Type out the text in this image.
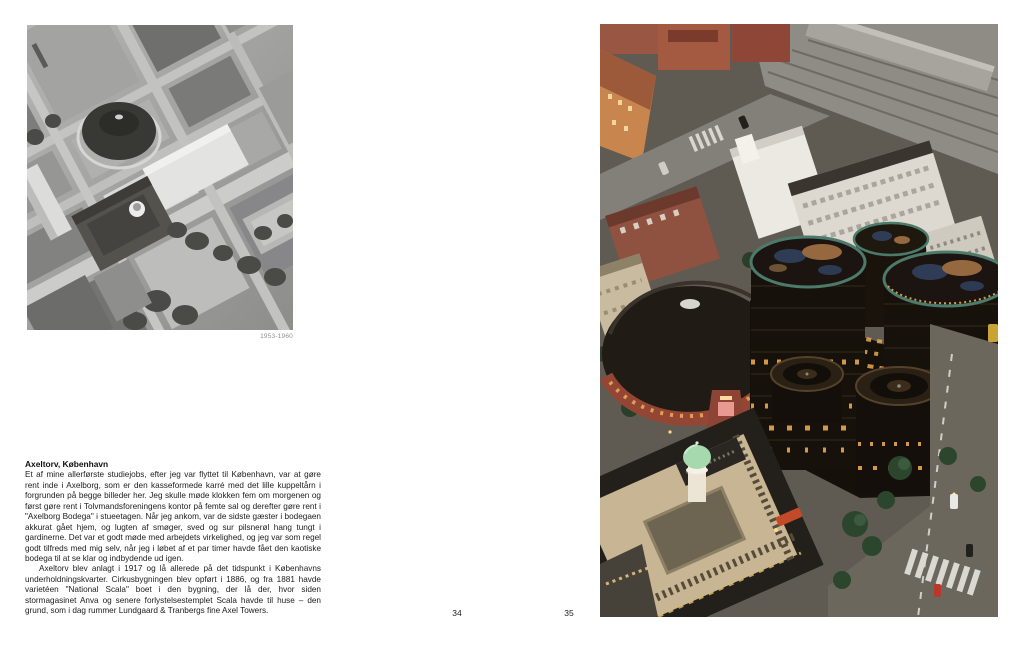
1953-1960
Axeltorv, København

Et af mine allerførste studiejobs, efter jeg var flyttet til København, var at gøre rent inde i Axelborg, som er den kasseformede karré med det lille kuppeltårn i forgrunden på begge billeder her. Jeg skulle møde klokken fem om morgenen og først gøre rent i Tolvmandsforeningens kontor på femte sal og derefter gøre rent i "Axelborg Bodega" i stueetagen. Når jeg ankom, var de sidste gæster i bodegaen akkurat gået hjem, og lugten af smøger, sved og sur pilsnerøl hang tungt i gardinerne. Det var et godt møde med arbejdets virkelighed, og jeg var som regel godt tilfreds med mig selv, når jeg i løbet af et par timer havde fået den kaotiske bodega til at se klar og indbydende ud igen.

Axeltorv blev anlagt i 1917 og lå allerede på det tidspunkt i Københavns underholdningskvarter. Cirkusbygningen blev opført i 1886, og fra 1881 havde varietéen "National Scala" boet i den bygning, der lå der, hvor siden stormagasinet Anva og senere forlystelsestemplet Scala havde til huse – den grund, som i dag rummer Lundgaard & Tranbergs fine Axel Towers.	34	35
